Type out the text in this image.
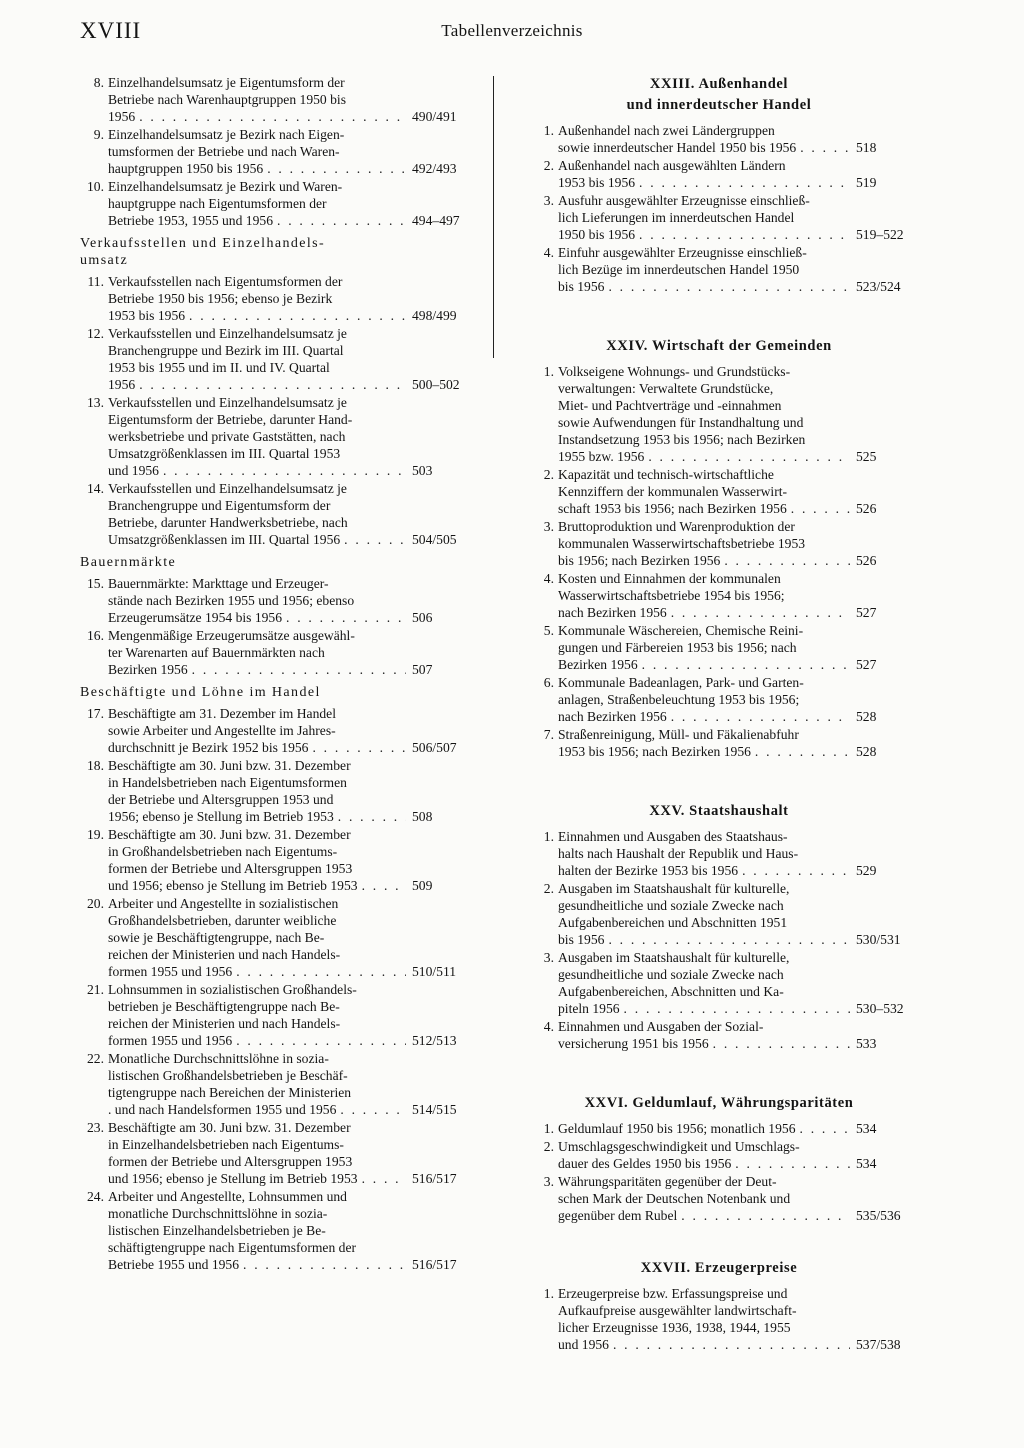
XVIII	Tabellenverzeichnis
8. Einzelhandelsumsatz je Eigentumsform der
Betriebe nach Warenhauptgruppen 1950 bis
1956 . . .	490/491
9. Einzelhandelsumsatz je Bezirk nach Eigen-
tumsformen der Betriebe und nach Waren-
hauptgruppen 1950 bis 1956 . . .	492/493
10. Einzelhandelsumsatz je Bezirk und Waren-
hauptgruppe nach Eigentumsformen der
Betriebe 1953, 1955 und 1956 . . .	494–497
Verkaufsstellen und Einzelhandels-
umsatz
11. Verkaufsstellen nach Eigentumsformen der
Betriebe 1950 bis 1956; ebenso je Bezirk
1953 bis 1956 . . .	498/499
12. Verkaufsstellen und Einzelhandelsumsatz je
Branchengruppe und Bezirk im III. Quartal
1953 bis 1955 und im II. und IV. Quartal
1956 . . .	500–502
13. Verkaufsstellen und Einzelhandelsumsatz je
Eigentumsform der Betriebe, darunter Hand-
werksbetriebe und private Gaststätten, nach
Umsatzgrößenklassen im III. Quartal 1953
und 1956 . . .	503
14. Verkaufsstellen und Einzelhandelsumsatz je
Branchengruppe und Eigentumsform der
Betriebe, darunter Handwerksbetriebe, nach
Umsatzgrößenklassen im III. Quartal 1956 . . .	504/505
Bauernmärkte
15. Bauernmärkte: Markttage und Erzeuger-
stände nach Bezirken 1955 und 1956; ebenso
Erzeugerumsätze 1954 bis 1956 . . .	506
16. Mengenmäßige Erzeugerumsätze ausgewähl-
ter Warenarten auf Bauernmärkten nach
Bezirken 1956 . . .	507
Beschäftigte und Löhne im Handel
17. Beschäftigte am 31. Dezember im Handel
sowie Arbeiter und Angestellte im Jahres-
durchschnitt je Bezirk 1952 bis 1956 . . .	506/507
18. Beschäftigte am 30. Juni bzw. 31. Dezember
in Handelsbetrieben nach Eigentumsformen
der Betriebe und Altersgruppen 1953 und
1956; ebenso je Stellung im Betrieb 1953 . . .	508
19. Beschäftigte am 30. Juni bzw. 31. Dezember
in Großhandelsbetrieben nach Eigentums-
formen der Betriebe und Altersgruppen 1953
und 1956; ebenso je Stellung im Betrieb 1953 . . .	509
20. Arbeiter und Angestellte in sozialistischen
Großhandelsbetrieben, darunter weibliche
sowie je Beschäftigtengruppe, nach Be-
reichen der Ministerien und nach Handels-
formen 1955 und 1956 . . .	510/511
21. Lohnsummen in sozialistischen Großhandels-
betrieben je Beschäftigtengruppe nach Be-
reichen der Ministerien und nach Handels-
formen 1955 und 1956 . . .	512/513
22. Monatliche Durchschnittslöhne in sozia-
listischen Großhandelsbetrieben je Beschäf-
tigtengruppe nach Bereichen der Ministerien
. und nach Handelsformen 1955 und 1956 . . .	514/515
23. Beschäftigte am 30. Juni bzw. 31. Dezember
in Einzelhandelsbetrieben nach Eigentums-
formen der Betriebe und Altersgruppen 1953
und 1956; ebenso je Stellung im Betrieb 1953 . . .	516/517
24. Arbeiter und Angestellte, Lohnsummen und
monatliche Durchschnittslöhne in sozia-
listischen Einzelhandelsbetrieben je Be-
schäftigtengruppe nach Eigentumsformen der
Betriebe 1955 und 1956 . . .	516/517
XXIII. Außenhandel
und innerdeutscher Handel
1. Außenhandel nach zwei Ländergruppen
sowie innerdeutscher Handel 1950 bis 1956 . . .	518
2. Außenhandel nach ausgewählten Ländern
1953 bis 1956 . . .	519
3. Ausfuhr ausgewählter Erzeugnisse einschließ-
lich Lieferungen im innerdeutschen Handel
1950 bis 1956 . . .	519–522
4. Einfuhr ausgewählter Erzeugnisse einschließ-
lich Bezüge im innerdeutschen Handel 1950
bis 1956 . . .	523/524
XXIV. Wirtschaft der Gemeinden
1. Volkseigene Wohnungs- und Grundstücks-
verwaltungen: Verwaltete Grundstücke,
Miet- und Pachtverträge und -einnahmen
sowie Aufwendungen für Instandhaltung und
Instandsetzung 1953 bis 1956; nach Bezirken
1955 bzw. 1956 . . .	525
2. Kapazität und technisch-wirtschaftliche
Kennziffern der kommunalen Wasserwirt-
schaft 1953 bis 1956; nach Bezirken 1956 . . .	526
3. Bruttoproduktion und Warenproduktion der
kommunalen Wasserwirtschaftsbetriebe 1953
bis 1956; nach Bezirken 1956 . . .	526
4. Kosten und Einnahmen der kommunalen
Wasserwirtschaftsbetriebe 1954 bis 1956;
nach Bezirken 1956 . . .	527
5. Kommunale Wäschereien, Chemische Reini-
gungen und Färbereien 1953 bis 1956; nach
Bezirken 1956 . . .	527
6. Kommunale Badeanlagen, Park- und Garten-
anlagen, Straßenbeleuchtung 1953 bis 1956;
nach Bezirken 1956 . . .	528
7. Straßenreinigung, Müll- und Fäkalienabfuhr
1953 bis 1956; nach Bezirken 1956 . . .	528
XXV. Staatshaushalt
1. Einnahmen und Ausgaben des Staatshaus-
halts nach Haushalt der Republik und Haus-
halten der Bezirke 1953 bis 1956 . . .	529
2. Ausgaben im Staatshaushalt für kulturelle,
gesundheitliche und soziale Zwecke nach
Aufgabenbereichen und Abschnitten 1951
bis 1956 . . .	530/531
3. Ausgaben im Staatshaushalt für kulturelle,
gesundheitliche und soziale Zwecke nach
Aufgabenbereichen, Abschnitten und Ka-
piteln 1956 . . .	530–532
4. Einnahmen und Ausgaben der Sozial-
versicherung 1951 bis 1956 . . .	533
XXVI. Geldumlauf, Währungsparitäten
1. Geldumlauf 1950 bis 1956; monatlich 1956 . . .	534
2. Umschlagsgeschwindigkeit und Umschlags-
dauer des Geldes 1950 bis 1956 . . .	534
3. Währungsparitäten gegenüber der Deut-
schen Mark der Deutschen Notenbank und
gegenüber dem Rubel . . .	535/536
XXVII. Erzeugerpreise
1. Erzeugerpreise bzw. Erfassungspreise und
Aufkaufpreise ausgewählter landwirtschaft-
licher Erzeugnisse 1936, 1938, 1944, 1955
und 1956 . . .	537/538
